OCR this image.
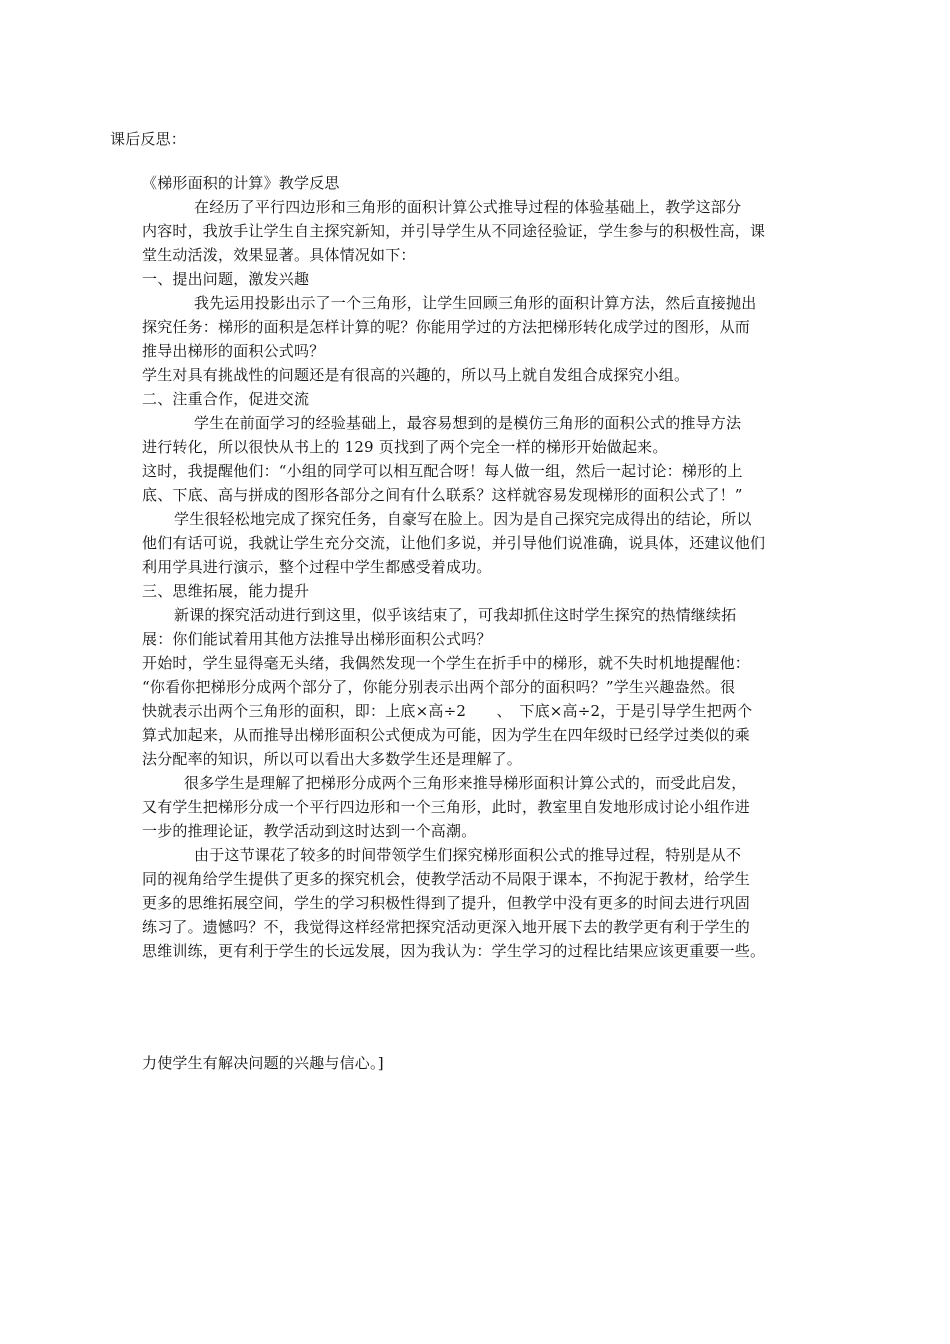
课后反思：
《梯形面积的计算》教学反思
在经历了平行四边形和三角形的面积计算公式推导过程的体验基础上，教学这部分
内容时，我放手让学生自主探究新知，并引导学生从不同途径验证，学生参与的积极性高，课
堂生动活泼，效果显著。具体情况如下：
一、提出问题，激发兴趣
我先运用投影出示了一个三角形，让学生回顾三角形的面积计算方法，然后直接抛出
探究任务：梯形的面积是怎样计算的呢？你能用学过的方法把梯形转化成学过的图形，从而
推导出梯形的面积公式吗？
学生对具有挑战性的问题还是有很高的兴趣的，所以马上就自发组合成探究小组。
二、注重合作，促进交流
学生在前面学习的经验基础上，最容易想到的是模仿三角形的面积公式的推导方法
进行转化，所以很快从书上的 129 页找到了两个完全一样的梯形开始做起来。
这时，我提醒他们：“小组的同学可以相互配合呀！每人做一组，然后一起讨论：梯形的上
底、下底、高与拼成的图形各部分之间有什么联系？这样就容易发现梯形的面积公式了！”
学生很轻松地完成了探究任务，自豪写在脸上。因为是自己探究完成得出的结论，所以
他们有话可说，我就让学生充分交流，让他们多说，并引导他们说准确，说具体，还建议他们
利用学具进行演示，整个过程中学生都感受着成功。
三、思维拓展，能力提升
新课的探究活动进行到这里，似乎该结束了，可我却抓住这时学生探究的热情继续拓
展：你们能试着用其他方法推导出梯形面积公式吗？
开始时，学生显得毫无头绪，我偶然发现一个学生在折手中的梯形，就不失时机地提醒他：
“你看你把梯形分成两个部分了，你能分别表示出两个部分的面积吗？”学生兴趣盎然。很
快就表示出两个三角形的面积，即：上底×高÷2　　、　下底×高÷2，于是引导学生把两个
算式加起来，从而推导出梯形面积公式便成为可能，因为学生在四年级时已经学过类似的乘
法分配率的知识，所以可以看出大多数学生还是理解了。
很多学生是理解了把梯形分成两个三角形来推导梯形面积计算公式的，而受此启发，
又有学生把梯形分成一个平行四边形和一个三角形，此时，教室里自发地形成讨论小组作进
一步的推理论证，教学活动到这时达到一个高潮。
由于这节课花了较多的时间带领学生们探究梯形面积公式的推导过程，特别是从不
同的视角给学生提供了更多的探究机会，使教学活动不局限于课本，不拘泥于教材，给学生
更多的思维拓展空间，学生的学习积极性得到了提升，但教学中没有更多的时间去进行巩固
练习了。遗憾吗？不，我觉得这样经常把探究活动更深入地开展下去的教学更有利于学生的
思维训练，更有利于学生的长远发展，因为我认为：学生学习的过程比结果应该更重要一些。
力使学生有解决问题的兴趣与信心。]
